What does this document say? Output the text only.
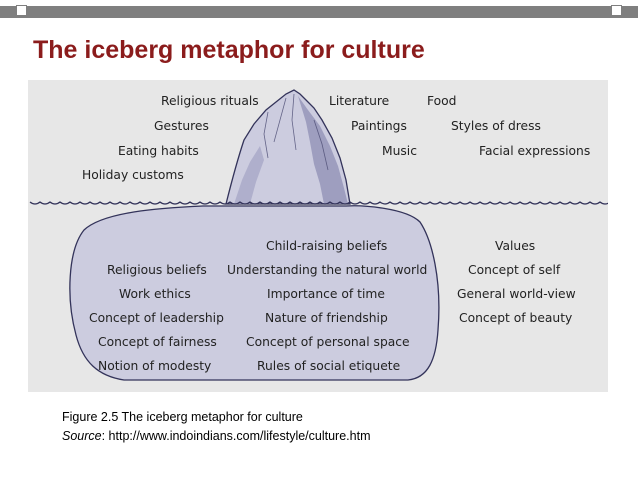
The iceberg metaphor for culture
Religious rituals
Gestures
Eating habits
Holiday customs
Literature	Food
Paintings	Styles of dress
Music	Facial expressions
Religious beliefs
Work ethics
Concept of leadership
Concept of fairness
Notion of modesty
Child-raising beliefs
Understanding the natural world
Importance of time
Nature of friendship
Concept of personal space
Rules of social etiquete
Values
Concept of self
General world-view
Concept of beauty
Figure 2.5 The iceberg metaphor for culture
Source: http://www.indoindians.com/lifestyle/culture.htm
